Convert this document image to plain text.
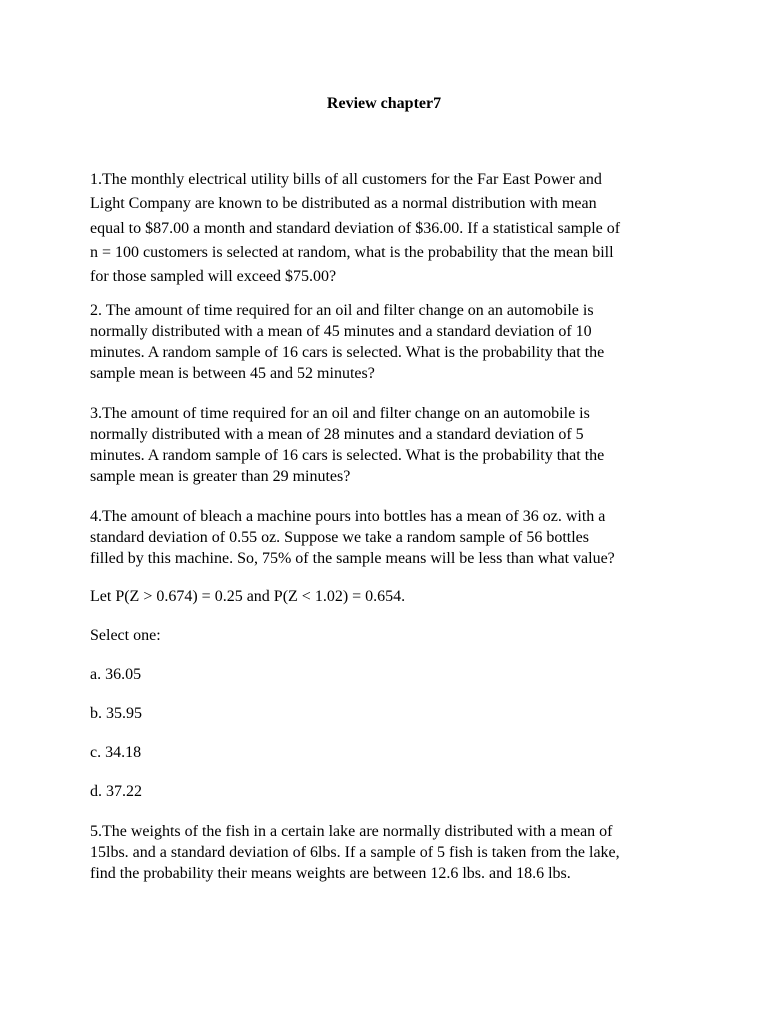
Review chapter7
1.The monthly electrical utility bills of all customers for the Far East Power and
Light Company are known to be distributed as a normal distribution with mean
equal to $87.00 a month and standard deviation of $36.00. If a statistical sample of
n = 100 customers is selected at random, what is the probability that the mean bill
for those sampled will exceed $75.00?
2. The amount of time required for an oil and filter change on an automobile is
normally distributed with a mean of 45 minutes and a standard deviation of 10
minutes. A random sample of 16 cars is selected. What is the probability that the
sample mean is between 45 and 52 minutes?
3.The amount of time required for an oil and filter change on an automobile is
normally distributed with a mean of 28 minutes and a standard deviation of 5
minutes. A random sample of 16 cars is selected. What is the probability that the
sample mean is greater than 29 minutes?
4.The amount of bleach a machine pours into bottles has a mean of 36 oz. with a
standard deviation of 0.55 oz. Suppose we take a random sample of 56 bottles
filled by this machine. So, 75% of the sample means will be less than what value?
Let P(Z > 0.674) = 0.25 and P(Z < 1.02) = 0.654.
Select one:
a. 36.05
b. 35.95
c. 34.18
d. 37.22
5.The weights of the fish in a certain lake are normally distributed with a mean of
15lbs. and a standard deviation of 6lbs. If a sample of 5 fish is taken from the lake,
find the probability their means weights are between 12.6 lbs. and 18.6 lbs.
